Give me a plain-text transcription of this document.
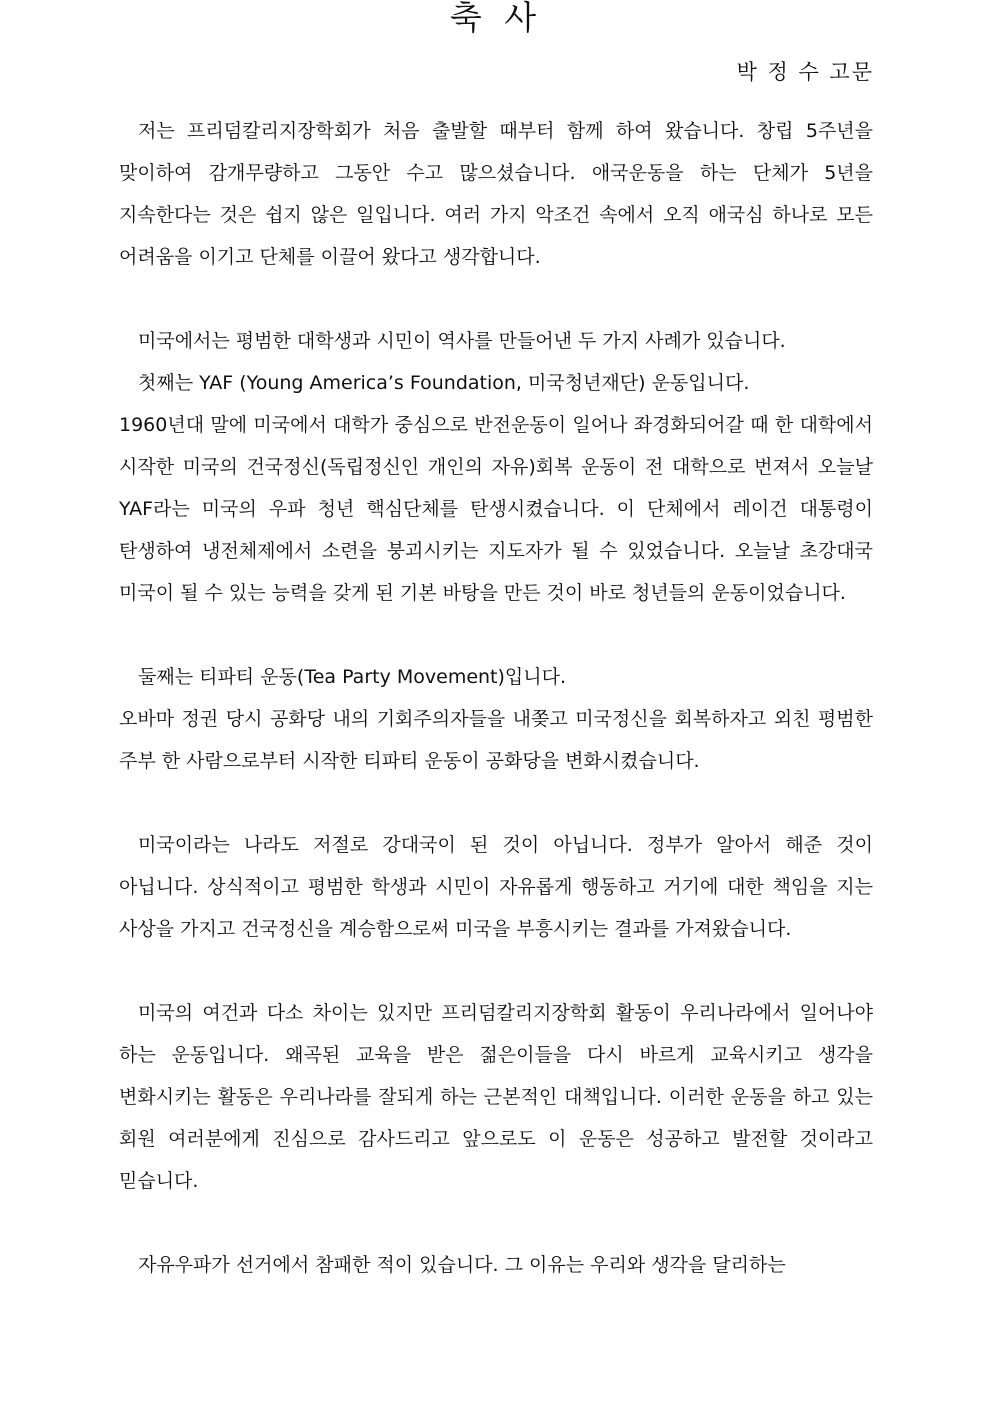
축 사
박 정 수 고문

저는 프리덤칼리지장학회가 처음 출발할 때부터 함께 하여 왔습니다. 창립 5주년을 맞이하여 감개무량하고 그동안 수고 많으셨습니다. 애국운동을 하는 단체가 5년을 지속한다는 것은 쉽지 않은 일입니다. 여러 가지 악조건 속에서 오직 애국심 하나로 모든 어려움을 이기고 단체를 이끌어 왔다고 생각합니다.

미국에서는 평범한 대학생과 시민이 역사를 만들어낸 두 가지 사례가 있습니다.

첫째는 YAF (Young America’s Foundation, 미국청년재단) 운동입니다.

1960년대 말에 미국에서 대학가 중심으로 반전운동이 일어나 좌경화되어갈 때 한 대학에서 시작한 미국의 건국정신(독립정신인 개인의 자유)회복 운동이 전 대학으로 번져서 오늘날 YAF라는 미국의 우파 청년 핵심단체를 탄생시켰습니다. 이 단체에서 레이건 대통령이 탄생하여 냉전체제에서 소련을 붕괴시키는 지도자가 될 수 있었습니다. 오늘날 초강대국 미국이 될 수 있는 능력을 갖게 된 기본 바탕을 만든 것이 바로 청년들의 운동이었습니다.

둘째는 티파티 운동(Tea Party Movement)입니다.

오바마 정권 당시 공화당 내의 기회주의자들을 내쫒고 미국정신을 회복하자고 외친 평범한 주부 한 사람으로부터 시작한 티파티 운동이 공화당을 변화시켰습니다.

미국이라는 나라도 저절로 강대국이 된 것이 아닙니다. 정부가 알아서 해준 것이 아닙니다. 상식적이고 평범한 학생과 시민이 자유롭게 행동하고 거기에 대한 책임을 지는 사상을 가지고 건국정신을 계승함으로써 미국을 부흥시키는 결과를 가져왔습니다.

미국의 여건과 다소 차이는 있지만 프리덤칼리지장학회 활동이 우리나라에서 일어나야 하는 운동입니다. 왜곡된 교육을 받은 젊은이들을 다시 바르게 교육시키고 생각을 변화시키는 활동은 우리나라를 잘되게 하는 근본적인 대책입니다. 이러한 운동을 하고 있는 회원 여러분에게 진심으로 감사드리고 앞으로도 이 운동은 성공하고 발전할 것이라고 믿습니다.

자유우파가 선거에서 참패한 적이 있습니다. 그 이유는 우리와 생각을 달리하는
